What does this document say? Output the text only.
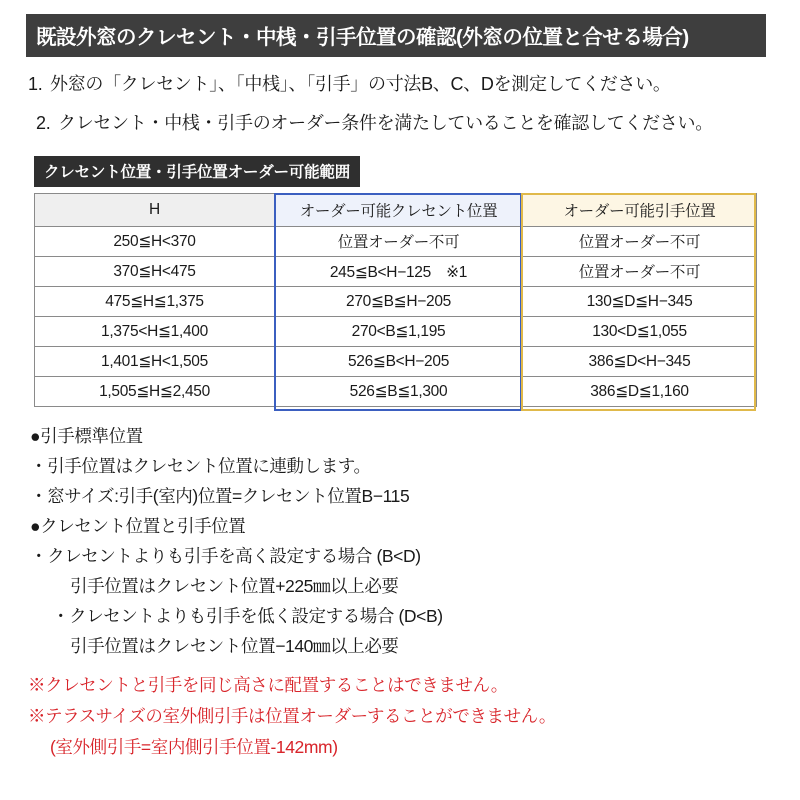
既設外窓のクレセント・中桟・引手位置の確認(外窓の位置と合せる場合)
1. 外窓の「クレセント」、「中桟」、「引手」の寸法B、C、Dを測定してください。
2. クレセント・中桟・引手のオーダー条件を満たしていることを確認してください。
クレセント位置・引手位置オーダー可能範囲
H	オーダー可能クレセント位置	オーダー可能引手位置
250≦H<370	位置オーダー不可	位置オーダー不可
370≦H<475	245≦B<H−125　※1	位置オーダー不可
475≦H≦1,375	270≦B≦H−205	130≦D≦H−345
1,375<H≦1,400	270<B≦1,195	130<D≦1,055
1,401≦H<1,505	526≦B<H−205	386≦D<H−345
1,505≦H≦2,450	526≦B≦1,300	386≦D≦1,160
●引手標準位置
・引手位置はクレセント位置に連動します。
・窓サイズ:引手(室内)位置=クレセント位置B−115
●クレセント位置と引手位置
・クレセントよりも引手を高く設定する場合 (B<D)
引手位置はクレセント位置+225㎜以上必要
・クレセントよりも引手を低く設定する場合 (D<B)
引手位置はクレセント位置−140㎜以上必要
※クレセントと引手を同じ高さに配置することはできません。
※テラスサイズの室外側引手は位置オーダーすることができません。
(室外側引手=室内側引手位置-142mm)
